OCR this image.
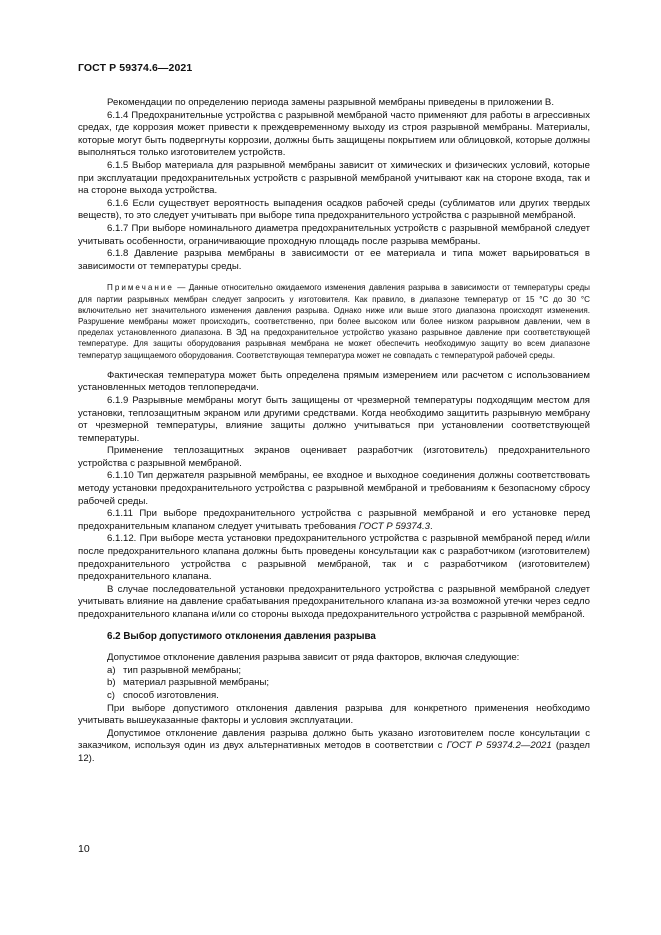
ГОСТ Р 59374.6—2021

Рекомендации по определению периода замены разрывной мембраны приведены в приложении В.

6.1.4 Предохранительные устройства с разрывной мембраной часто применяют для работы в агрессивных средах, где коррозия может привести к преждевременному выходу из строя разрывной мембраны. Материалы, которые могут быть подвергнуты коррозии, должны быть защищены покрытием или облицовкой, которые должны выполняться только изготовителем устройств.

6.1.5 Выбор материала для разрывной мембраны зависит от химических и физических условий, которые при эксплуатации предохранительных устройств с разрывной мембраной учитывают как на стороне входа, так и на стороне выхода устройства.

6.1.6 Если существует вероятность выпадения осадков рабочей среды (сублиматов или других твердых веществ), то это следует учитывать при выборе типа предохранительного устройства с разрывной мембраной.

6.1.7 При выборе номинального диаметра предохранительных устройств с разрывной мембраной следует учитывать особенности, ограничивающие проходную площадь после разрыва мембраны.

6.1.8 Давление разрыва мембраны в зависимости от ее материала и типа может варьироваться в зависимости от температуры среды.

Примечание — Данные относительно ожидаемого изменения давления разрыва в зависимости от температуры среды для партии разрывных мембран следует запросить у изготовителя. Как правило, в диапазоне температур от 15 °С до 30 °С включительно нет значительного изменения давления разрыва. Однако ниже или выше этого диапазона происходят изменения. Разрушение мембраны может происходить, соответственно, при более высоком или более низком разрывном давлении, чем в пределах установленного диапазона. В ЭД на предохранительное устройство указано разрывное давление при соответствующей температуре. Для защиты оборудования разрывная мембрана не может обеспечить необходимую защиту во всем диапазоне температур защищаемого оборудования. Соответствующая температура может не совпадать с температурой рабочей среды.

Фактическая температура может быть определена прямым измерением или расчетом с использованием установленных методов теплопередачи.

6.1.9 Разрывные мембраны могут быть защищены от чрезмерной температуры подходящим местом для установки, теплозащитным экраном или другими средствами. Когда необходимо защитить разрывную мембрану от чрезмерной температуры, влияние защиты должно учитываться при установлении соответствующей температуры.

Применение теплозащитных экранов оценивает разработчик (изготовитель) предохранительного устройства с разрывной мембраной.

6.1.10 Тип держателя разрывной мембраны, ее входное и выходное соединения должны соответствовать методу установки предохранительного устройства с разрывной мембраной и требованиям к безопасному сбросу рабочей среды.

6.1.11 При выборе предохранительного устройства с разрывной мембраной и его установке перед предохранительным клапаном следует учитывать требования ГОСТ Р 59374.3.

6.1.12. При выборе места установки предохранительного устройства с разрывной мембраной перед и/или после предохранительного клапана должны быть проведены консультации как с разработчиком (изготовителем) предохранительного устройства с разрывной мембраной, так и с разработчиком (изготовителем) предохранительного клапана.

В случае последовательной установки предохранительного устройства с разрывной мембраной следует учитывать влияние на давление срабатывания предохранительного клапана из-за возможной утечки через седло предохранительного клапана и/или со стороны выхода предохранительного устройства с разрывной мембраной.

6.2 Выбор допустимого отклонения давления разрыва

Допустимое отклонение давления разрыва зависит от ряда факторов, включая следующие:

a) тип разрывной мембраны;
b) материал разрывной мембраны;
c) способ изготовления.

При выборе допустимого отклонения давления разрыва для конкретного применения необходимо учитывать вышеуказанные факторы и условия эксплуатации.

Допустимое отклонение давления разрыва должно быть указано изготовителем после консультации с заказчиком, используя один из двух альтернативных методов в соответствии с ГОСТ Р 59374.2—2021 (раздел 12).

10
